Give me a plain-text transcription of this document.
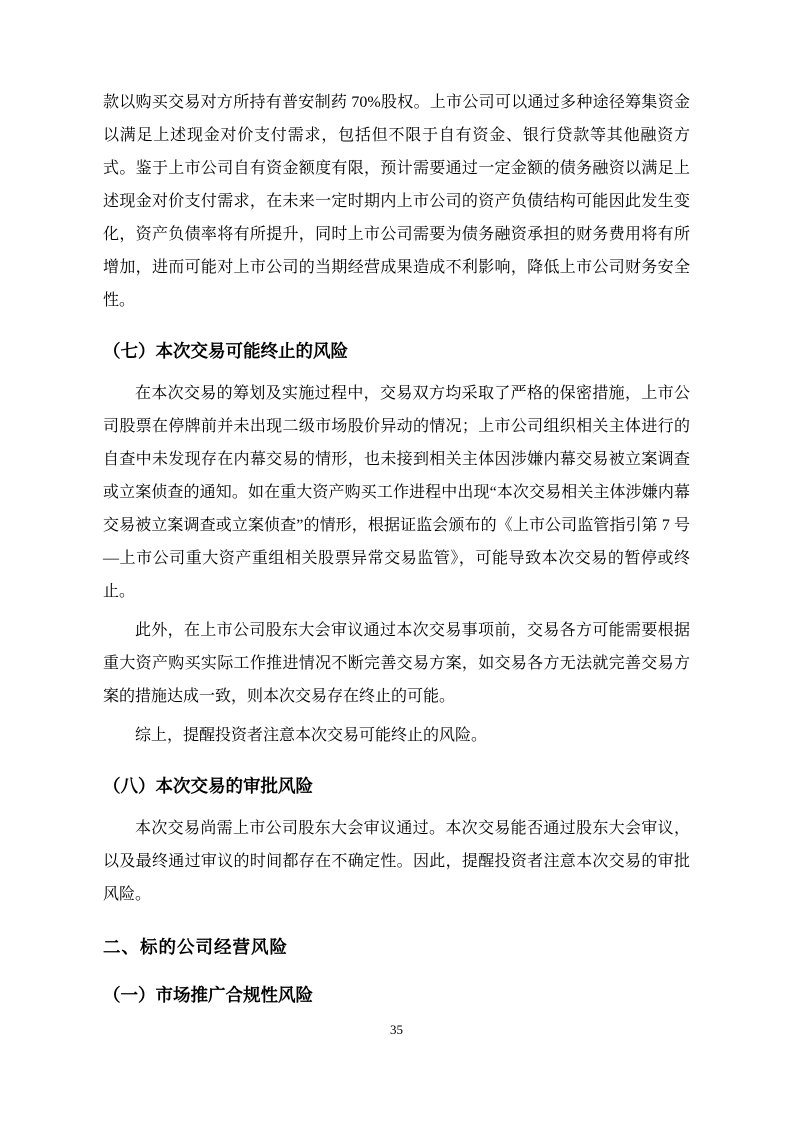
款以购买交易对方所持有普安制药 70%股权。上市公司可以通过多种途径筹集资金以满足上述现金对价支付需求，包括但不限于自有资金、银行贷款等其他融资方式。鉴于上市公司自有资金额度有限，预计需要通过一定金额的债务融资以满足上述现金对价支付需求，在未来一定时期内上市公司的资产负债结构可能因此发生变化，资产负债率将有所提升，同时上市公司需要为债务融资承担的财务费用将有所增加，进而可能对上市公司的当期经营成果造成不利影响，降低上市公司财务安全性。

（七）本次交易可能终止的风险

在本次交易的筹划及实施过程中，交易双方均采取了严格的保密措施，上市公司股票在停牌前并未出现二级市场股价异动的情况；上市公司组织相关主体进行的自查中未发现存在内幕交易的情形，也未接到相关主体因涉嫌内幕交易被立案调查或立案侦查的通知。如在重大资产购买工作进程中出现“本次交易相关主体涉嫌内幕交易被立案调查或立案侦查”的情形，根据证监会颁布的《上市公司监管指引第 7 号—上市公司重大资产重组相关股票异常交易监管》，可能导致本次交易的暂停或终止。

此外，在上市公司股东大会审议通过本次交易事项前，交易各方可能需要根据重大资产购买实际工作推进情况不断完善交易方案，如交易各方无法就完善交易方案的措施达成一致，则本次交易存在终止的可能。

综上，提醒投资者注意本次交易可能终止的风险。

（八）本次交易的审批风险

本次交易尚需上市公司股东大会审议通过。本次交易能否通过股东大会审议，以及最终通过审议的时间都存在不确定性。因此，提醒投资者注意本次交易的审批风险。

二、标的公司经营风险
（一）市场推广合规性风险
35
